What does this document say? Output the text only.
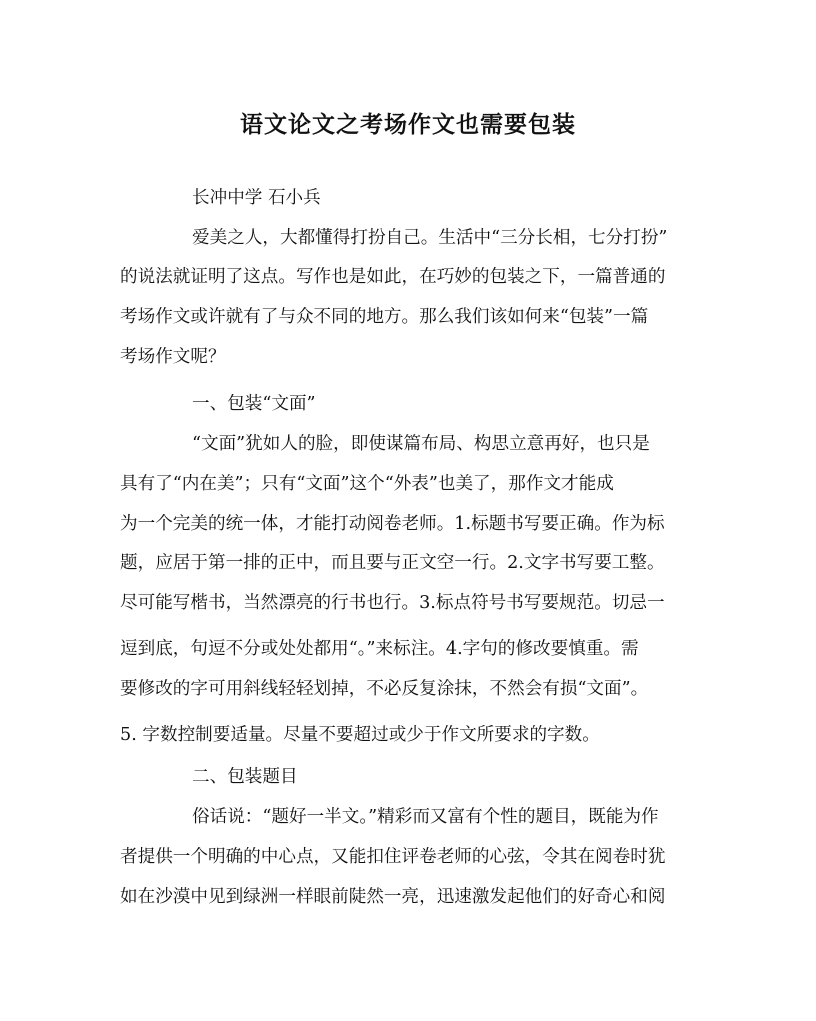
语文论文之考场作文也需要包装
长冲中学 石小兵
爱美之人，大都懂得打扮自己。生活中“三分长相，七分打扮”
的说法就证明了这点。写作也是如此，在巧妙的包装之下，一篇普通的
考场作文或许就有了与众不同的地方。那么我们该如何来“包装”一篇
考场作文呢？
一、包装“文面”
“文面”犹如人的脸，即使谋篇布局、构思立意再好，也只是
具有了“内在美”；只有“文面”这个“外表”也美了，那作文才能成
为一个完美的统一体，才能打动阅卷老师。1.标题书写要正确。作为标
题，应居于第一排的正中，而且要与正文空一行。2.文字书写要工整。
尽可能写楷书，当然漂亮的行书也行。3.标点符号书写要规范。切忌一
逗到底，句逗不分或处处都用“。”来标注。4.字句的修改要慎重。需
要修改的字可用斜线轻轻划掉，不必反复涂抹，不然会有损“文面”。
5. 字数控制要适量。尽量不要超过或少于作文所要求的字数。
二、包装题目
俗话说：“题好一半文。”精彩而又富有个性的题目，既能为作
者提供一个明确的中心点，又能扣住评卷老师的心弦，令其在阅卷时犹
如在沙漠中见到绿洲一样眼前陡然一亮，迅速激发起他们的好奇心和阅
